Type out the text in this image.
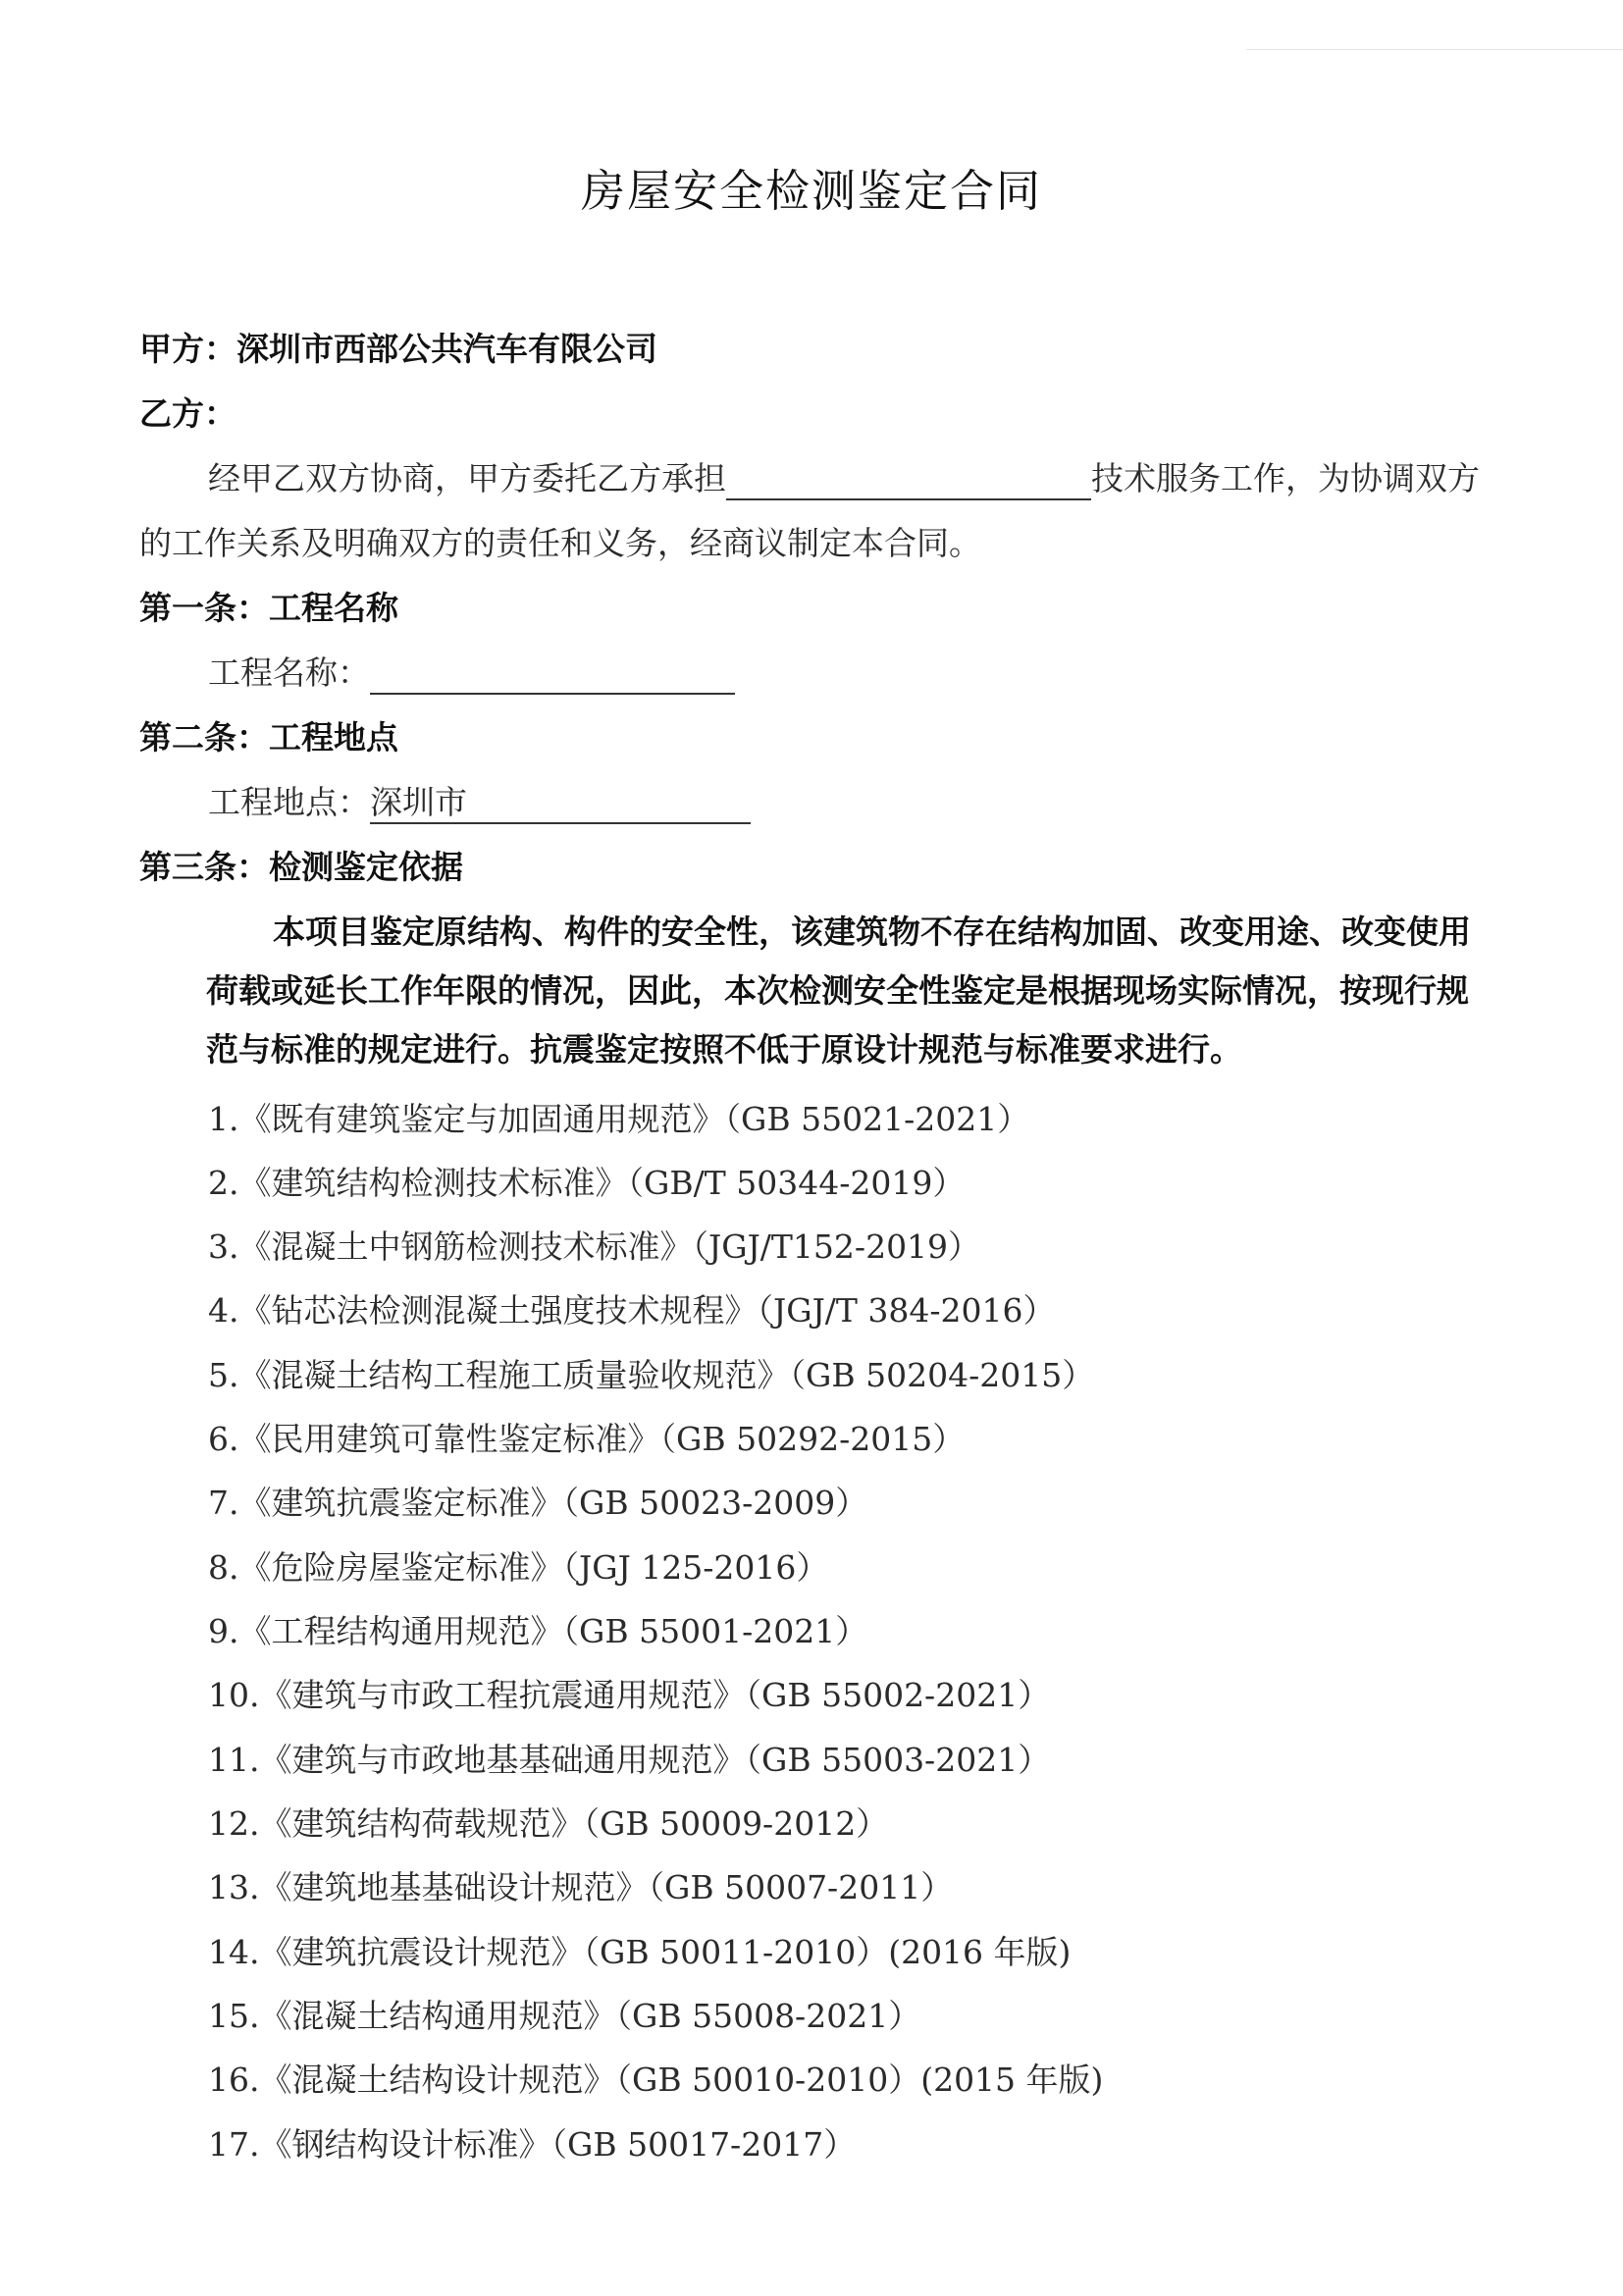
房屋安全检测鉴定合同
甲方：深圳市西部公共汽车有限公司
乙方：
经甲乙双方协商，甲方委托乙方承担	技术服务工作，为协调双方
的工作关系及明确双方的责任和义务，经商议制定本合同。
第一条：工程名称
工程名称：
第二条：工程地点
工程地点：深圳市
第三条：检测鉴定依据
本项目鉴定原结构、构件的安全性，该建筑物不存在结构加固、改变用途、改变使用
荷载或延长工作年限的情况，因此，本次检测安全性鉴定是根据现场实际情况，按现行规
范与标准的规定进行。抗震鉴定按照不低于原设计规范与标准要求进行。
1.《既有建筑鉴定与加固通用规范》（GB 55021-2021）
2.《建筑结构检测技术标准》（GB/T 50344-2019）
3.《混凝土中钢筋检测技术标准》（JGJ/T152-2019）
4.《钻芯法检测混凝土强度技术规程》（JGJ/T 384-2016）
5.《混凝土结构工程施工质量验收规范》（GB 50204-2015）
6.《民用建筑可靠性鉴定标准》（GB 50292-2015）
7.《建筑抗震鉴定标准》（GB 50023-2009）
8.《危险房屋鉴定标准》（JGJ 125-2016）
9.《工程结构通用规范》（GB 55001-2021）
10.《建筑与市政工程抗震通用规范》（GB 55002-2021）
11.《建筑与市政地基基础通用规范》（GB 55003-2021）
12.《建筑结构荷载规范》（GB 50009-2012）
13.《建筑地基基础设计规范》（GB 50007-2011）
14.《建筑抗震设计规范》（GB 50011-2010）(2016 年版)
15.《混凝土结构通用规范》（GB 55008-2021）
16.《混凝土结构设计规范》（GB 50010-2010）(2015 年版)
17.《钢结构设计标准》（GB 50017-2017）
